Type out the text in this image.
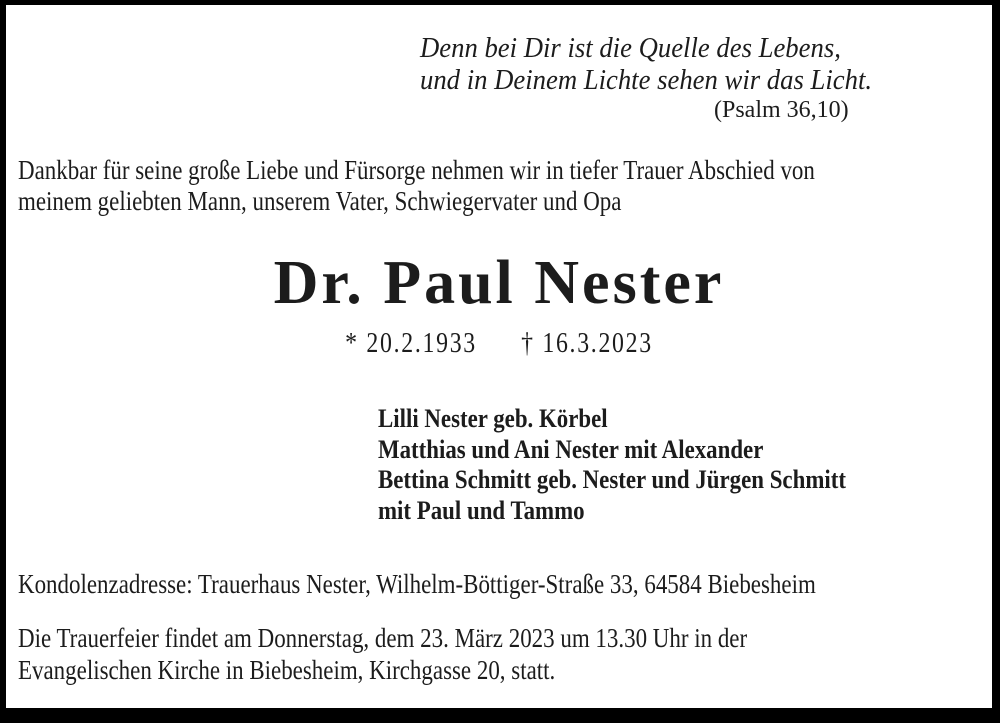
Denn bei Dir ist die Quelle des Lebens,
und in Deinem Lichte sehen wir das Licht.
(Psalm 36,10)
Dankbar für seine große Liebe und Fürsorge nehmen wir in tiefer Trauer Abschied von
meinem geliebten Mann, unserem Vater, Schwiegervater und Opa
Dr. Paul Nester
* 20.2.1933 † 16.3.2023
Lilli Nester geb. Körbel
Matthias und Ani Nester mit Alexander
Bettina Schmitt geb. Nester und Jürgen Schmitt
mit Paul und Tammo
Kondolenzadresse: Trauerhaus Nester, Wilhelm-Böttiger-Straße 33, 64584 Biebesheim
Die Trauerfeier findet am Donnerstag, dem 23. März 2023 um 13.30 Uhr in der
Evangelischen Kirche in Biebesheim, Kirchgasse 20, statt.
